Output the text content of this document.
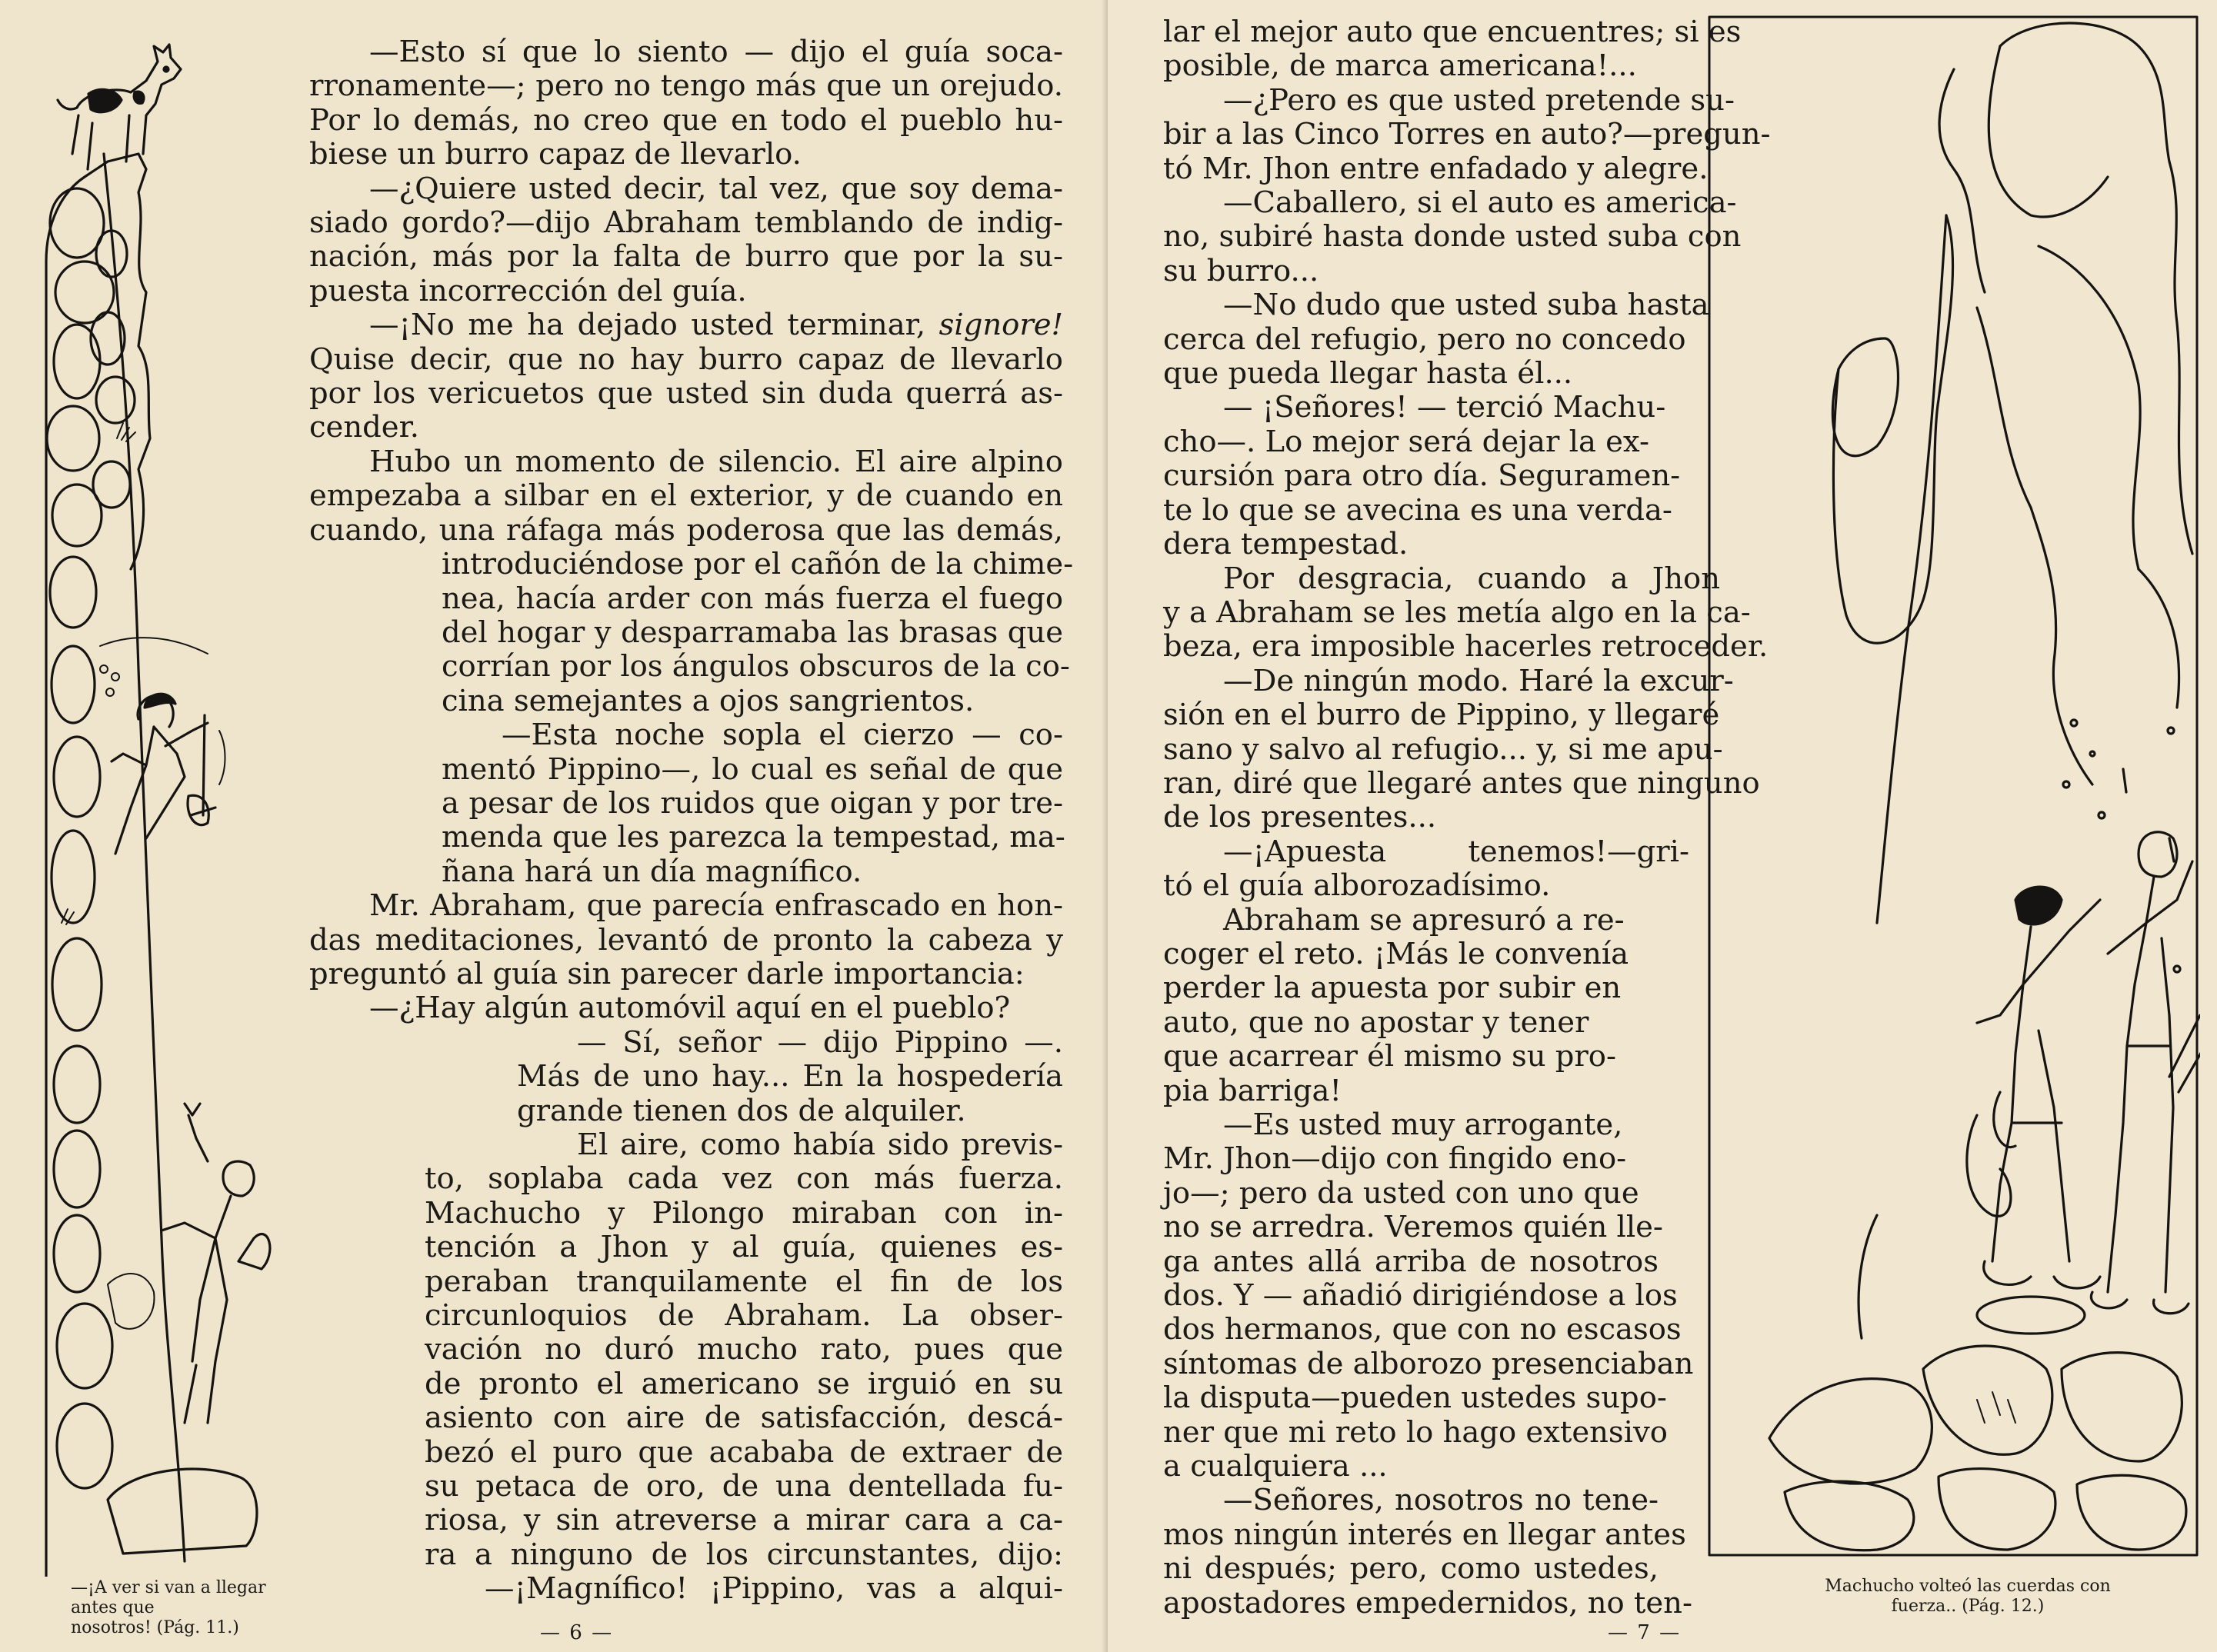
—Esto sí que lo siento — dijo el guía soca-

rronamente—; pero no tengo más que un orejudo.

Por lo demás, no creo que en todo el pueblo hu-

biese un burro capaz de llevarlo.

—¿Quiere usted decir, tal vez, que soy dema-

siado gordo?—dijo Abraham temblando de indig-

nación, más por la falta de burro que por la su-

puesta incorrección del guía.

—¡No me ha dejado usted terminar, signore!

Quise decir, que no hay burro capaz de llevarlo

por los vericuetos que usted sin duda querrá as-

cender.

Hubo un momento de silencio. El aire alpino

empezaba a silbar en el exterior, y de cuando en

cuando, una ráfaga más poderosa que las demás,

introduciéndose por el cañón de la chime-

nea, hacía arder con más fuerza el fuego

del hogar y desparramaba las brasas que

corrían por los ángulos obscuros de la co-

cina semejantes a ojos sangrientos.

—Esta noche sopla el cierzo — co-

mentó Pippino—, lo cual es señal de que

a pesar de los ruidos que oigan y por tre-

menda que les parezca la tempestad, ma-

ñana hará un día magnífico.

Mr. Abraham, que parecía enfrascado en hon-

das meditaciones, levantó de pronto la cabeza y

preguntó al guía sin parecer darle importancia:

—¿Hay algún automóvil aquí en el pueblo?

— Sí, señor — dijo Pippino —.

Más de uno hay... En la hospedería

grande tienen dos de alquiler.

El aire, como había sido previs-

to, soplaba cada vez con más fuerza.

Machucho y Pilongo miraban con in-

tención a Jhon y al guía, quienes es-

peraban tranquilamente el fin de los

circunloquios de Abraham. La obser-

vación no duró mucho rato, pues que

de pronto el americano se irguió en su

asiento con aire de satisfacción, descá-

bezó el puro que acababa de extraer de

su petaca de oro, de una dentellada fu-

riosa, y sin atreverse a mirar cara a ca-

ra a ninguno de los circunstantes, dijo:

—¡Magnífico! ¡Pippino, vas a alqui-

—¡A ver si van a llegar antes que
nosotros! (Pág. 11.)	— 6 —

lar el mejor auto que encuentres; si es

posible, de marca americana!...

—¿Pero es que usted pretende su-

bir a las Cinco Torres en auto?—pregun-

tó Mr. Jhon entre enfadado y alegre.

—Caballero, si el auto es america-

no, subiré hasta donde usted suba con

su burro...

—No dudo que usted suba hasta

cerca del refugio, pero no concedo

que pueda llegar hasta él...

— ¡Señores! — terció Machu-

cho—. Lo mejor será dejar la ex-

cursión para otro día. Seguramen-

te lo que se avecina es una verda-

dera tempestad.

Por desgracia, cuando a Jhon

y a Abraham se les metía algo en la ca-

beza, era imposible hacerles retroceder.

—De ningún modo. Haré la excur-

sión en el burro de Pippino, y llegaré

sano y salvo al refugio... y, si me apu-

ran, diré que llegaré antes que ninguno

de los presentes...

—¡Apuesta tenemos!—gri-

tó el guía alborozadísimo.

Abraham se apresuró a re-

coger el reto. ¡Más le convenía

perder la apuesta por subir en

auto, que no apostar y tener

que acarrear él mismo su pro-

pia barriga!

—Es usted muy arrogante,

Mr. Jhon—dijo con fingido eno-

jo—; pero da usted con uno que

no se arredra. Veremos quién lle-

ga antes allá arriba de nosotros

dos. Y — añadió dirigiéndose a los

dos hermanos, que con no escasos

síntomas de alborozo presenciaban

la disputa—pueden ustedes supo-

ner que mi reto lo hago extensivo

a cualquiera ...

—Señores, nosotros no tene-

mos ningún interés en llegar antes

ni después; pero, como ustedes,

apostadores empedernidos, no ten-	Machucho volteó las cuerdas con
fuerza.. (Pág. 12.)

— 7 —
